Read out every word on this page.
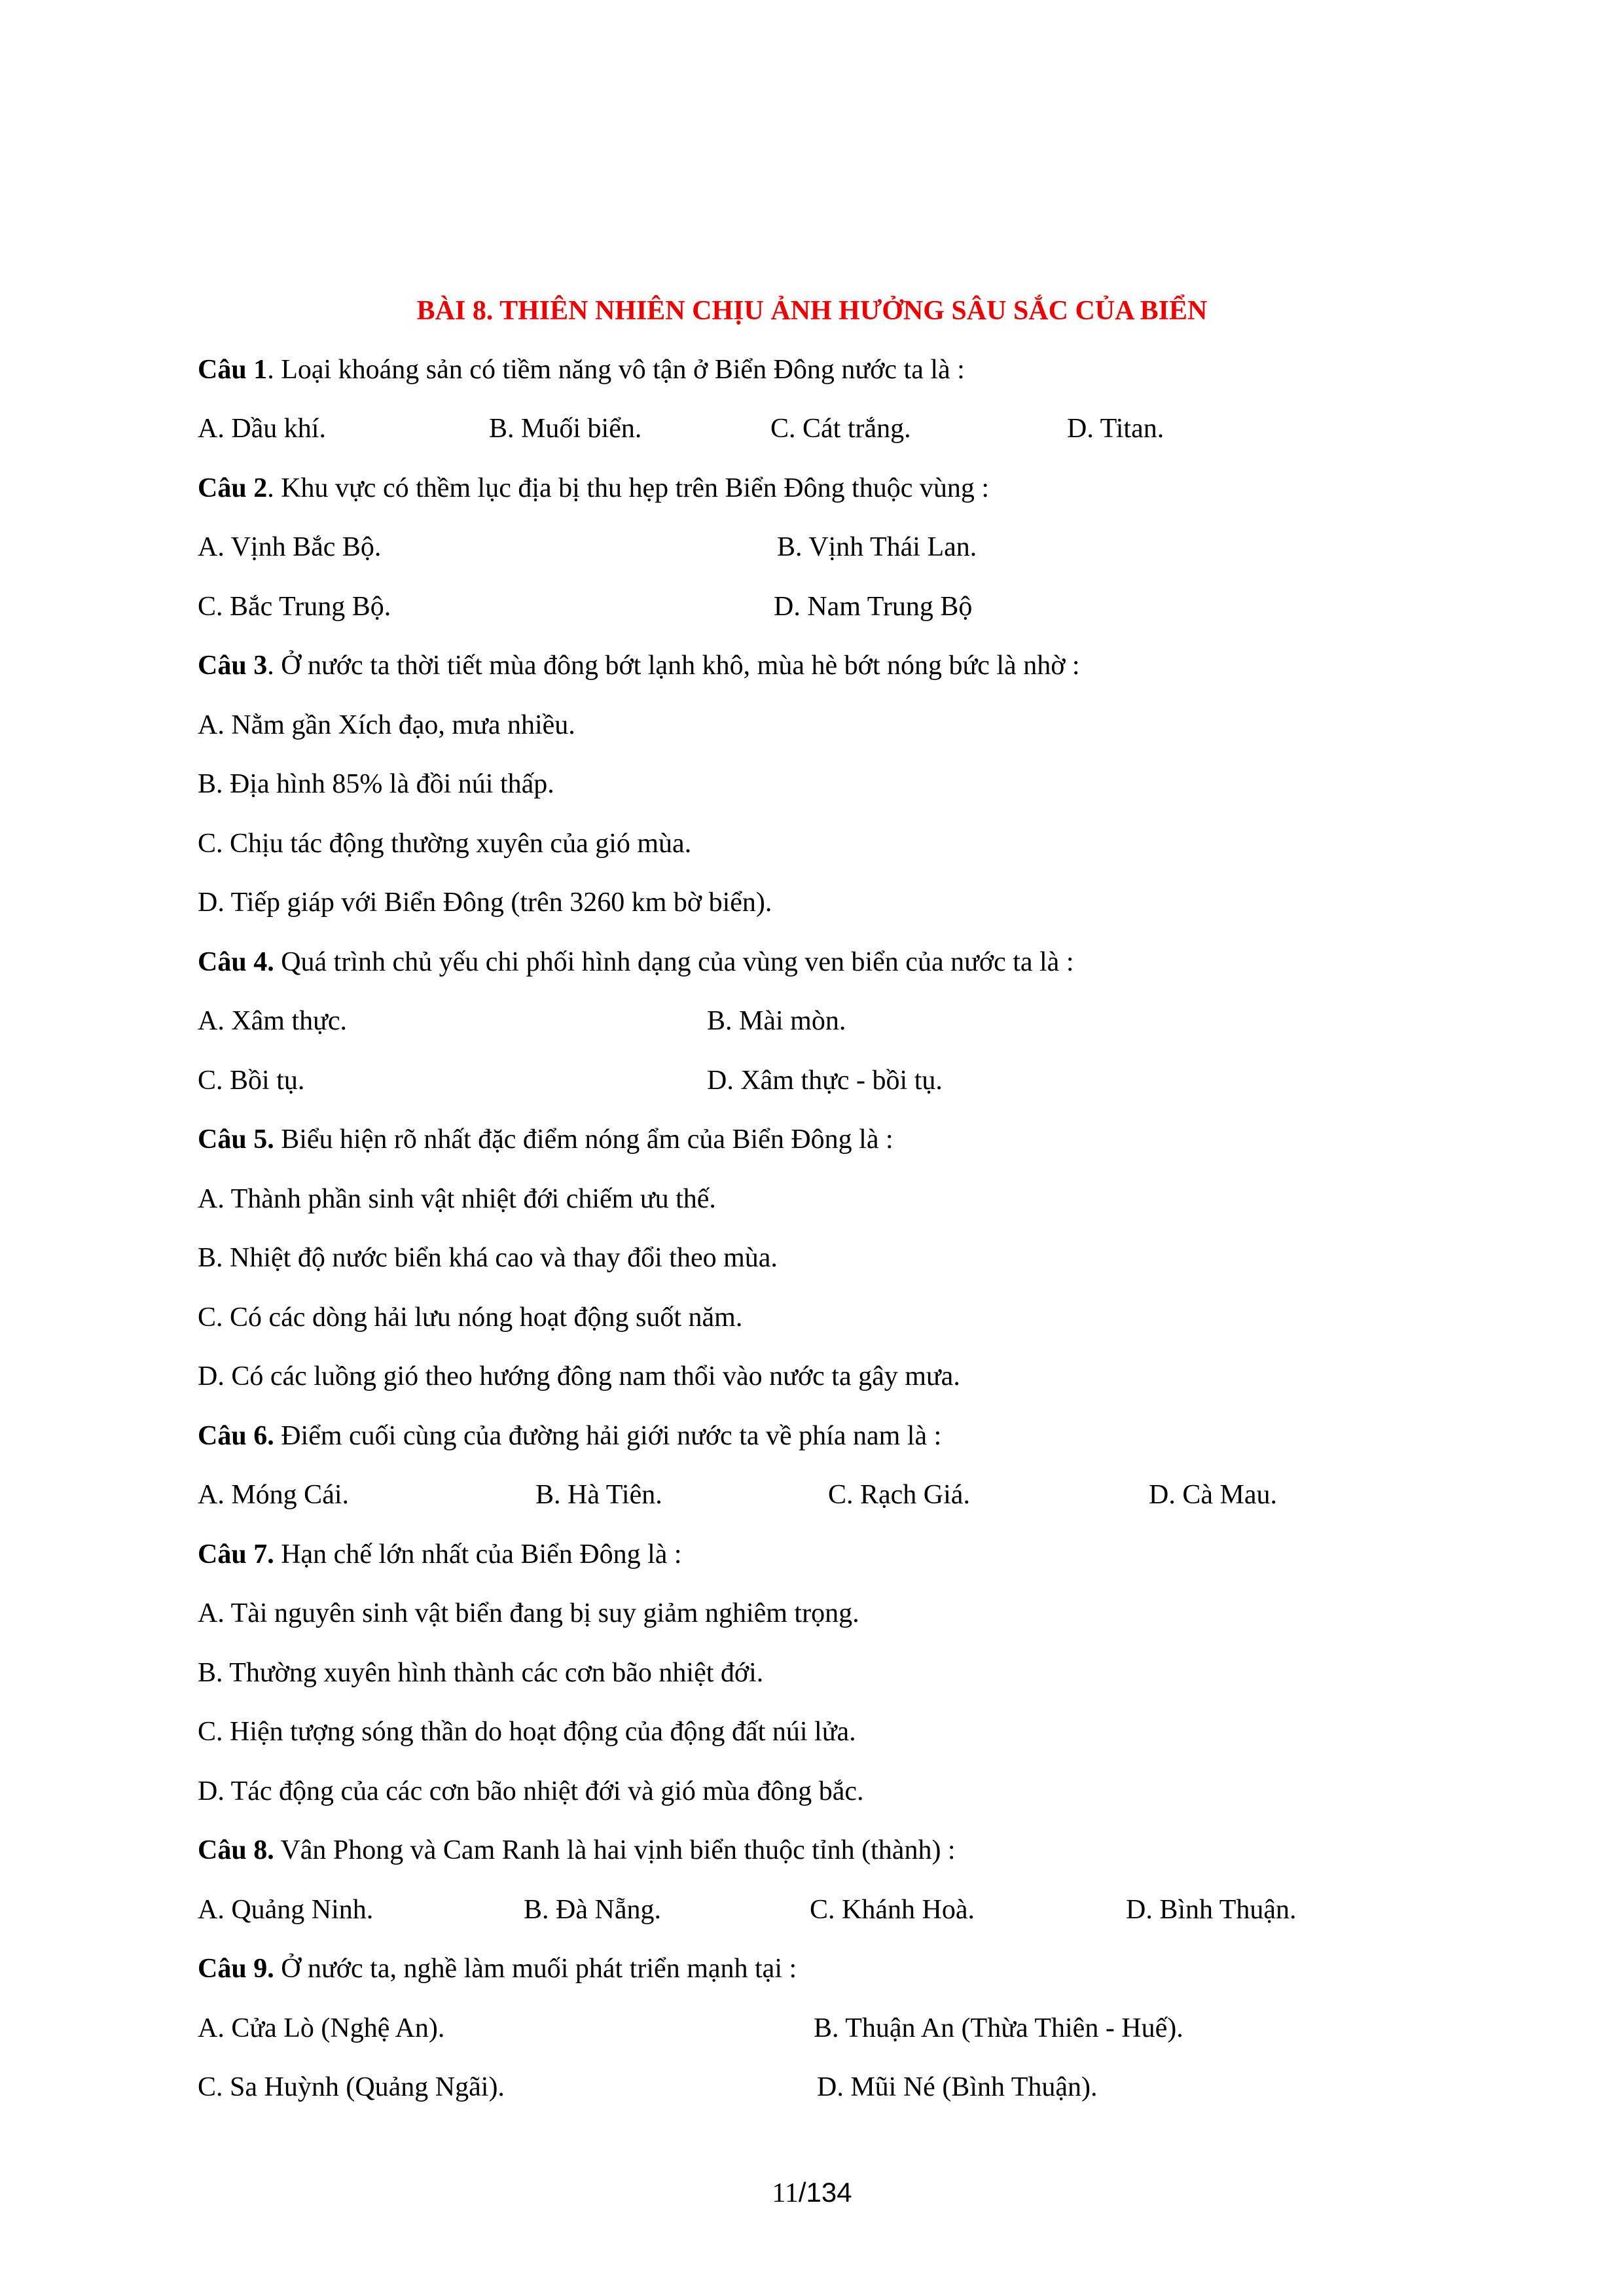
BÀI 8. THIÊN NHIÊN CHỊU ẢNH HƯỞNG SÂU SẮC CỦA BIỂN
Câu 1. Loại khoáng sản có tiềm năng vô tận ở Biển Đông nước ta là :
A. Dầu khí.	B. Muối biển.	C. Cát trắng.	D. Titan.
Câu 2. Khu vực có thềm lục địa bị thu hẹp trên Biển Đông thuộc vùng :
A. Vịnh Bắc Bộ.	B. Vịnh Thái Lan.
C. Bắc Trung Bộ.	D. Nam Trung Bộ
Câu 3. Ở nước ta thời tiết mùa đông bớt lạnh khô, mùa hè bớt nóng bức là nhờ :
A. Nằm gần Xích đạo, mưa nhiều.
B. Địa hình 85% là đồi núi thấp.
C. Chịu tác động thường xuyên của gió mùa.
D. Tiếp giáp với Biển Đông (trên 3260 km bờ biển).
Câu 4. Quá trình chủ yếu chi phối hình dạng của vùng ven biển của nước ta là :
A. Xâm thực.	B. Mài mòn.
C. Bồi tụ.	D. Xâm thực - bồi tụ.
Câu 5. Biểu hiện rõ nhất đặc điểm nóng ẩm của Biển Đông là :
A. Thành phần sinh vật nhiệt đới chiếm ưu thế.
B. Nhiệt độ nước biển khá cao và thay đổi theo mùa.
C. Có các dòng hải lưu nóng hoạt động suốt năm.
D. Có các luồng gió theo hướng đông nam thổi vào nước ta gây mưa.
Câu 6. Điểm cuối cùng của đường hải giới nước ta về phía nam là :
A. Móng Cái.	B. Hà Tiên.	C. Rạch Giá.	D. Cà Mau.
Câu 7. Hạn chế lớn nhất của Biển Đông là :
A. Tài nguyên sinh vật biển đang bị suy giảm nghiêm trọng.
B. Thường xuyên hình thành các cơn bão nhiệt đới.
C. Hiện tượng sóng thần do hoạt động của động đất núi lửa.
D. Tác động của các cơn bão nhiệt đới và gió mùa đông bắc.
Câu 8. Vân Phong và Cam Ranh là hai vịnh biển thuộc tỉnh (thành) :
A. Quảng Ninh.	B. Đà Nẵng.	C. Khánh Hoà.	D. Bình Thuận.
Câu 9. Ở nước ta, nghề làm muối phát triển mạnh tại :
A. Cửa Lò (Nghệ An).	B. Thuận An (Thừa Thiên - Huế).
C. Sa Huỳnh (Quảng Ngãi).	D. Mũi Né (Bình Thuận).
11/134
